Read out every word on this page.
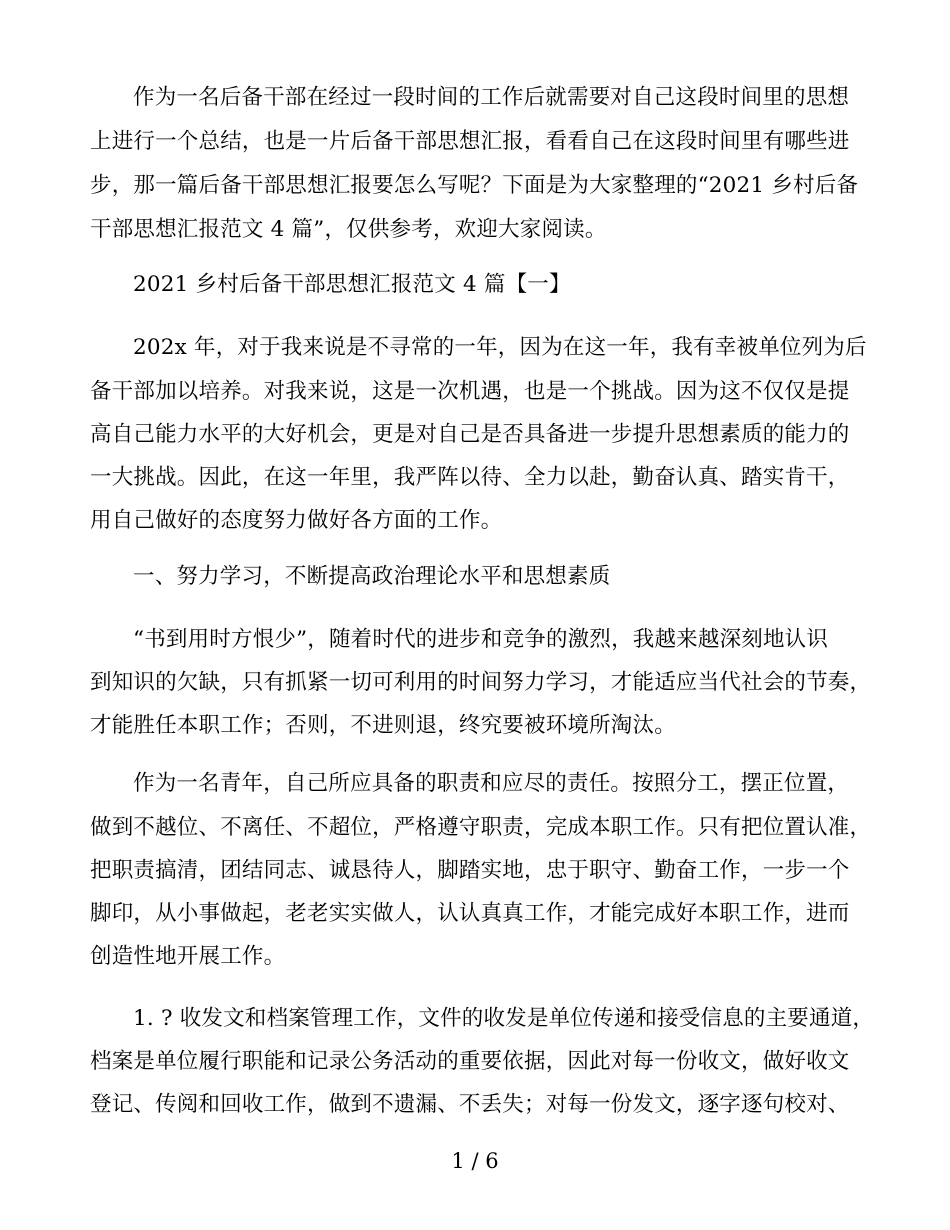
作为一名后备干部在经过一段时间的工作后就需要对自己这段时间里的思想
上进行一个总结，也是一片后备干部思想汇报，看看自己在这段时间里有哪些进
步，那一篇后备干部思想汇报要怎么写呢？下面是为大家整理的“2021 乡村后备
干部思想汇报范文 4 篇”，仅供参考，欢迎大家阅读。
2021 乡村后备干部思想汇报范文 4 篇【一】
202x 年，对于我来说是不寻常的一年，因为在这一年，我有幸被单位列为后
备干部加以培养。对我来说，这是一次机遇，也是一个挑战。因为这不仅仅是提
高自己能力水平的大好机会，更是对自己是否具备进一步提升思想素质的能力的
一大挑战。因此，在这一年里，我严阵以待、全力以赴，勤奋认真、踏实肯干，
用自己做好的态度努力做好各方面的工作。
一、努力学习，不断提高政治理论水平和思想素质
“书到用时方恨少”，随着时代的进步和竞争的激烈，我越来越深刻地认识
到知识的欠缺，只有抓紧一切可利用的时间努力学习，才能适应当代社会的节奏，
才能胜任本职工作；否则，不进则退，终究要被环境所淘汰。
作为一名青年，自己所应具备的职责和应尽的责任。按照分工，摆正位置，
做到不越位、不离任、不超位，严格遵守职责，完成本职工作。只有把位置认准，
把职责搞清，团结同志、诚恳待人，脚踏实地，忠于职守、勤奋工作，一步一个
脚印，从小事做起，老老实实做人，认认真真工作，才能完成好本职工作，进而
创造性地开展工作。
1. ? 收发文和档案管理工作，文件的收发是单位传递和接受信息的主要通道，
档案是单位履行职能和记录公务活动的重要依据，因此对每一份收文，做好收文
登记、传阅和回收工作，做到不遗漏、不丢失；对每一份发文，逐字逐句校对、
1 / 6
